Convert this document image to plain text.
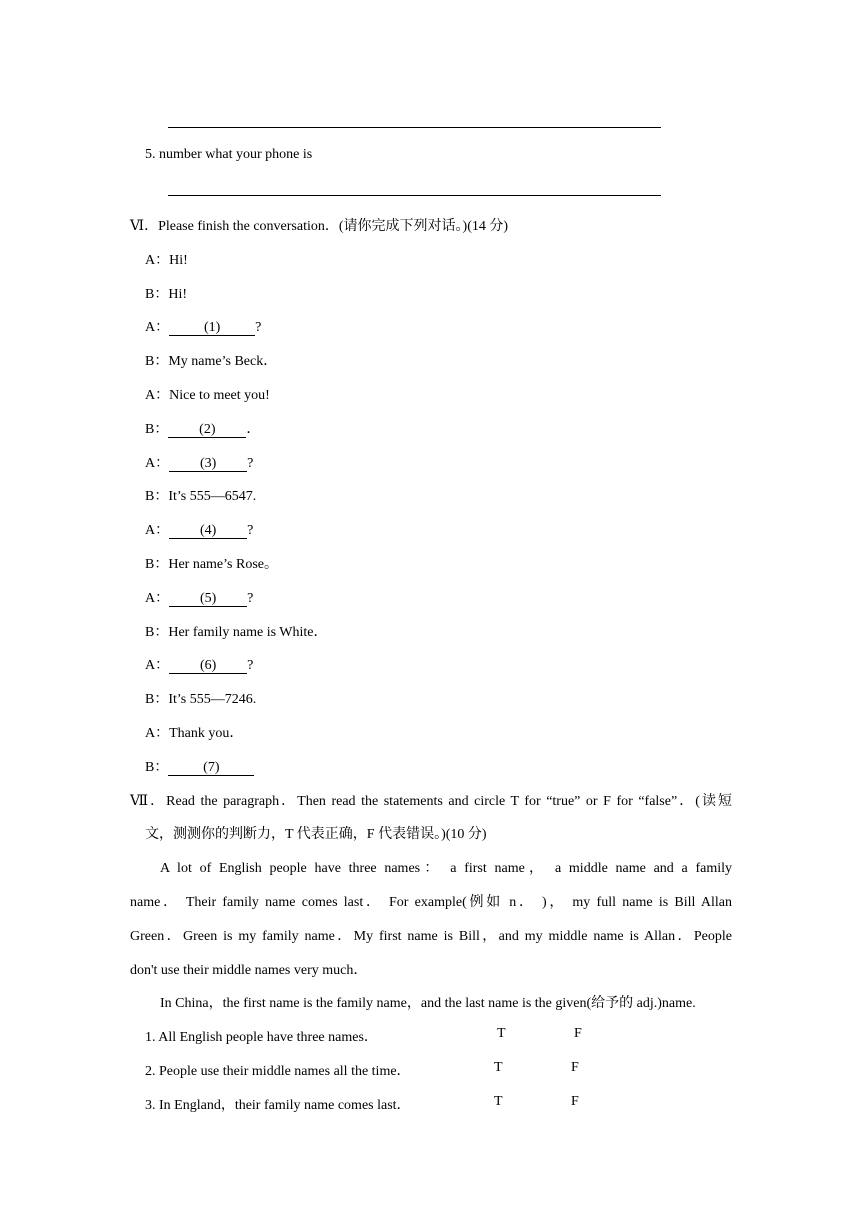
5. number what your phone is
Ⅵ．Please finish the conversation．(请你完成下列对话。)(14 分)
A：Hi!
B：Hi!
A： (1) ?
B：My name’s Beck．
A：Nice to meet you!
B： (2) ．
A： (3) ?
B：It’s 555—6547.
A： (4) ?
B：Her name’s Rose。
A： (5) ?
B：Her family name is White．
A： (6) ?
B：It’s 555—7246.
A：Thank you．
B： (7)
Ⅶ．Read the paragraph．Then read the statements and circle T for “true” or F for “false”．(读短
文，测测你的判断力，T 代表正确，F 代表错误。)(10 分)
A lot of English people have three names： a first name， a middle name and a family
name． Their family name comes last． For example(例如 n． )， my full name is Bill Allan
Green．Green is my family name．My first name is Bill，and my middle name is Allan．People
don't use their middle names very much．
In China，the first name is the family name，and the last name is the given(给予的 adj.)name.
1. All English people have three names．	T	F
2. People use their middle names all the time．	T	F
3. In England，their family name comes last．	T	F
